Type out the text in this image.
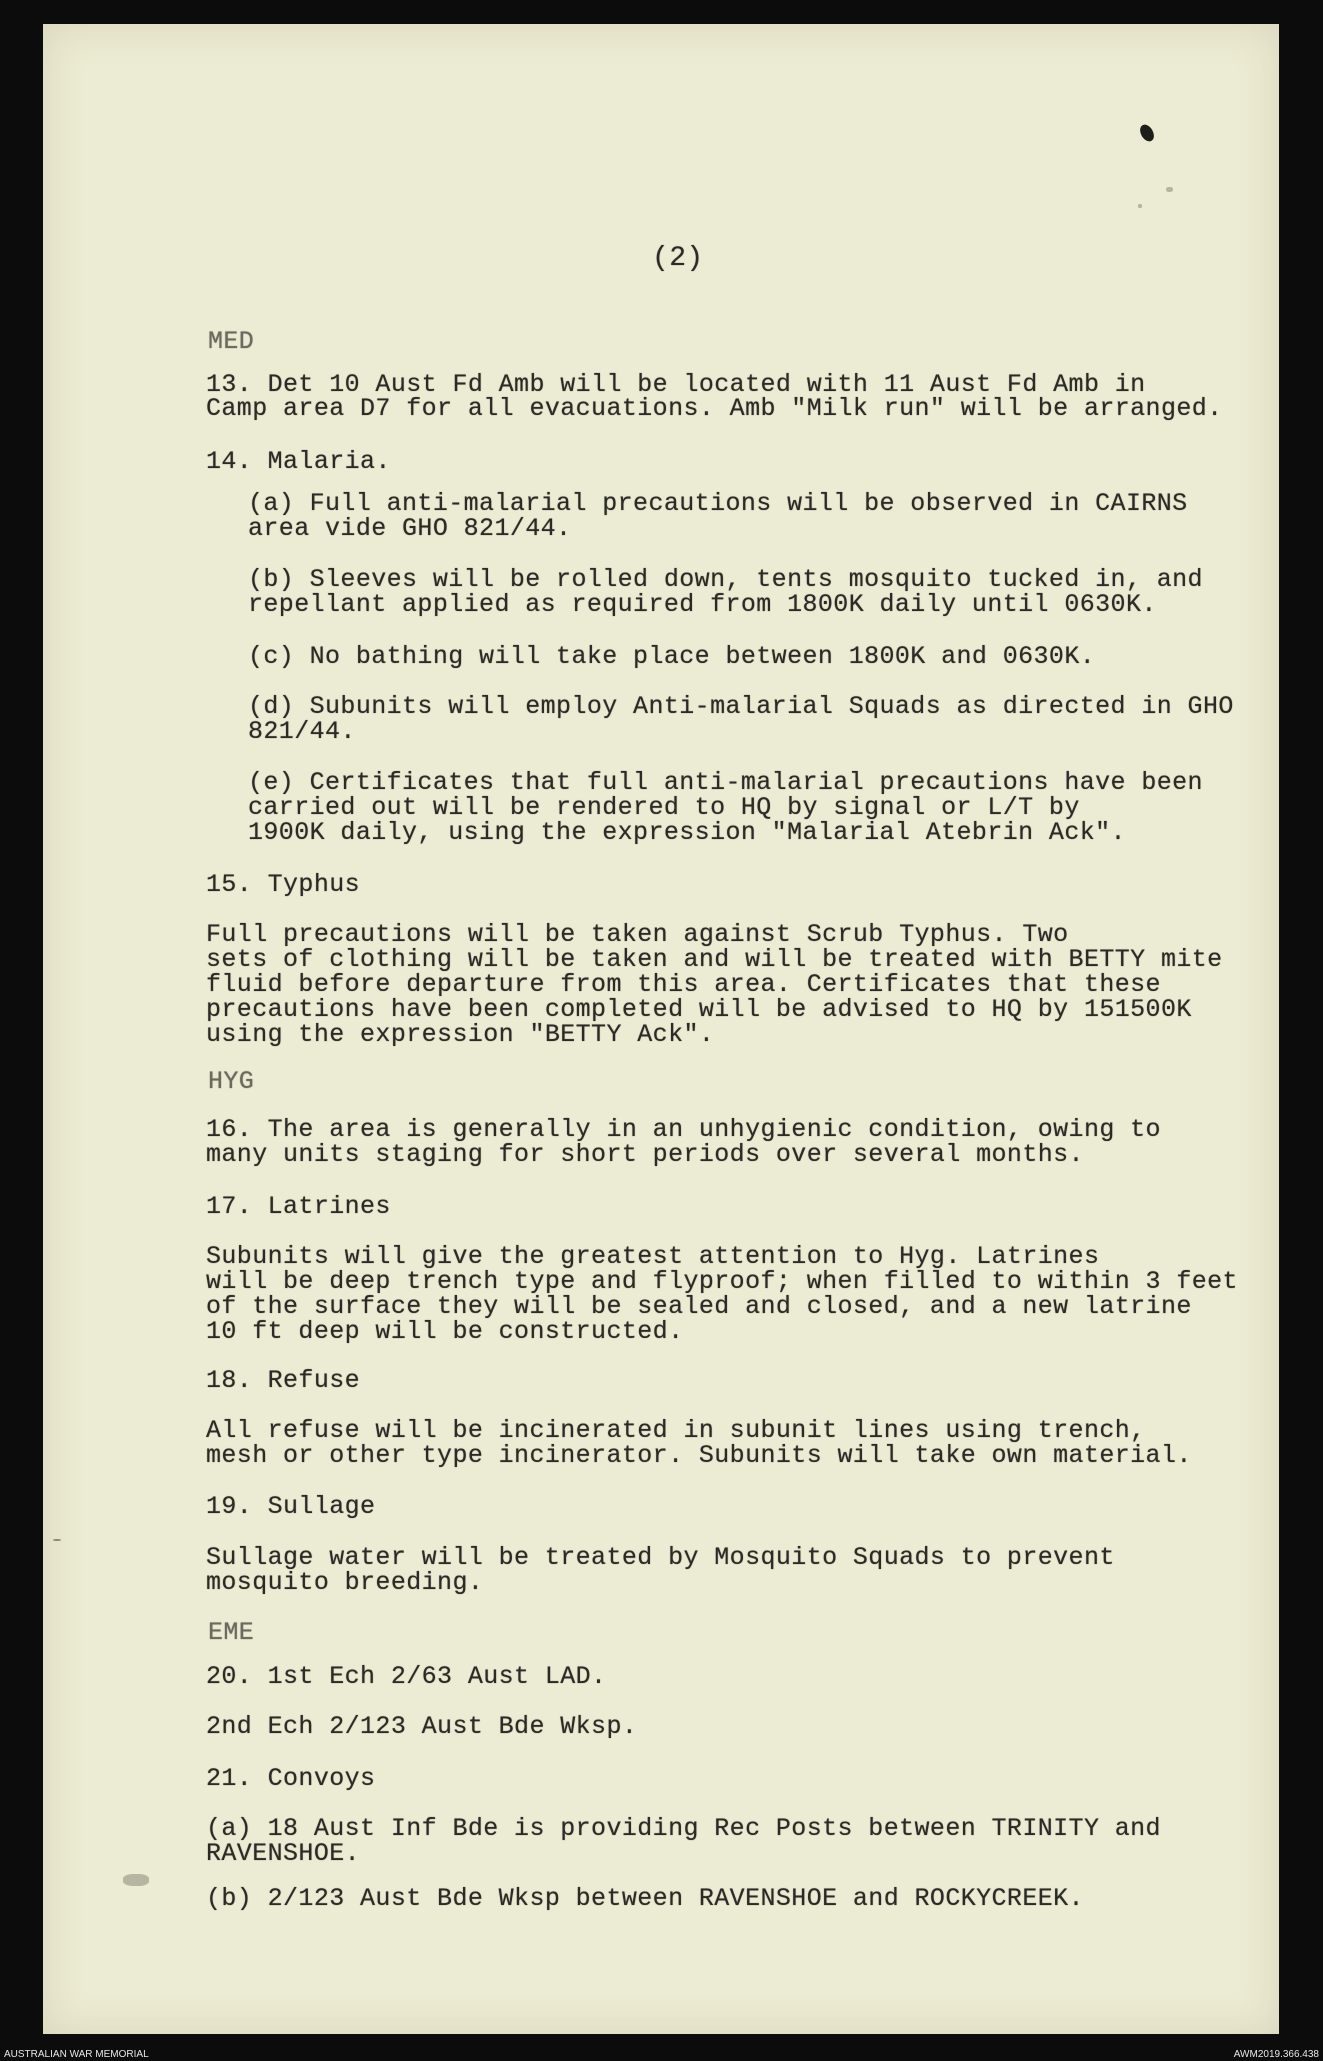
(2)
MED
13. Det 10 Aust Fd Amb will be located with 11 Aust Fd Amb in
Camp area D7 for all evacuations. Amb "Milk run" will be arranged.
14. Malaria.
(a) Full anti-malarial precautions will be observed in CAIRNS
area vide GHO 821/44.
(b) Sleeves will be rolled down, tents mosquito tucked in, and
repellant applied as required from 1800K daily until 0630K.
(c) No bathing will take place between 1800K and 0630K.
(d) Subunits will employ Anti-malarial Squads as directed in GHO
821/44.
(e) Certificates that full anti-malarial precautions have been
carried out will be rendered to HQ by signal or L/T by
1900K daily, using the expression "Malarial Atebrin Ack".
15. Typhus
Full precautions will be taken against Scrub Typhus. Two
sets of clothing will be taken and will be treated with BETTY mite
fluid before departure from this area. Certificates that these
precautions have been completed will be advised to HQ by 151500K
using the expression "BETTY Ack".
HYG
16. The area is generally in an unhygienic condition, owing to
many units staging for short periods over several months.
17. Latrines
Subunits will give the greatest attention to Hyg. Latrines
will be deep trench type and flyproof; when filled to within 3 feet
of the surface they will be sealed and closed, and a new latrine
10 ft deep will be constructed.
18. Refuse
All refuse will be incinerated in subunit lines using trench,
mesh or other type incinerator. Subunits will take own material.
19. Sullage
Sullage water will be treated by Mosquito Squads to prevent
mosquito breeding.
EME
20. 1st Ech 2/63 Aust LAD.
2nd Ech 2/123 Aust Bde Wksp.
21. Convoys
(a) 18 Aust Inf Bde is providing Rec Posts between TRINITY and
RAVENSHOE.
(b) 2/123 Aust Bde Wksp between RAVENSHOE and ROCKYCREEK.
AUSTRALIAN WAR MEMORIAL	AWM2019.366.438
